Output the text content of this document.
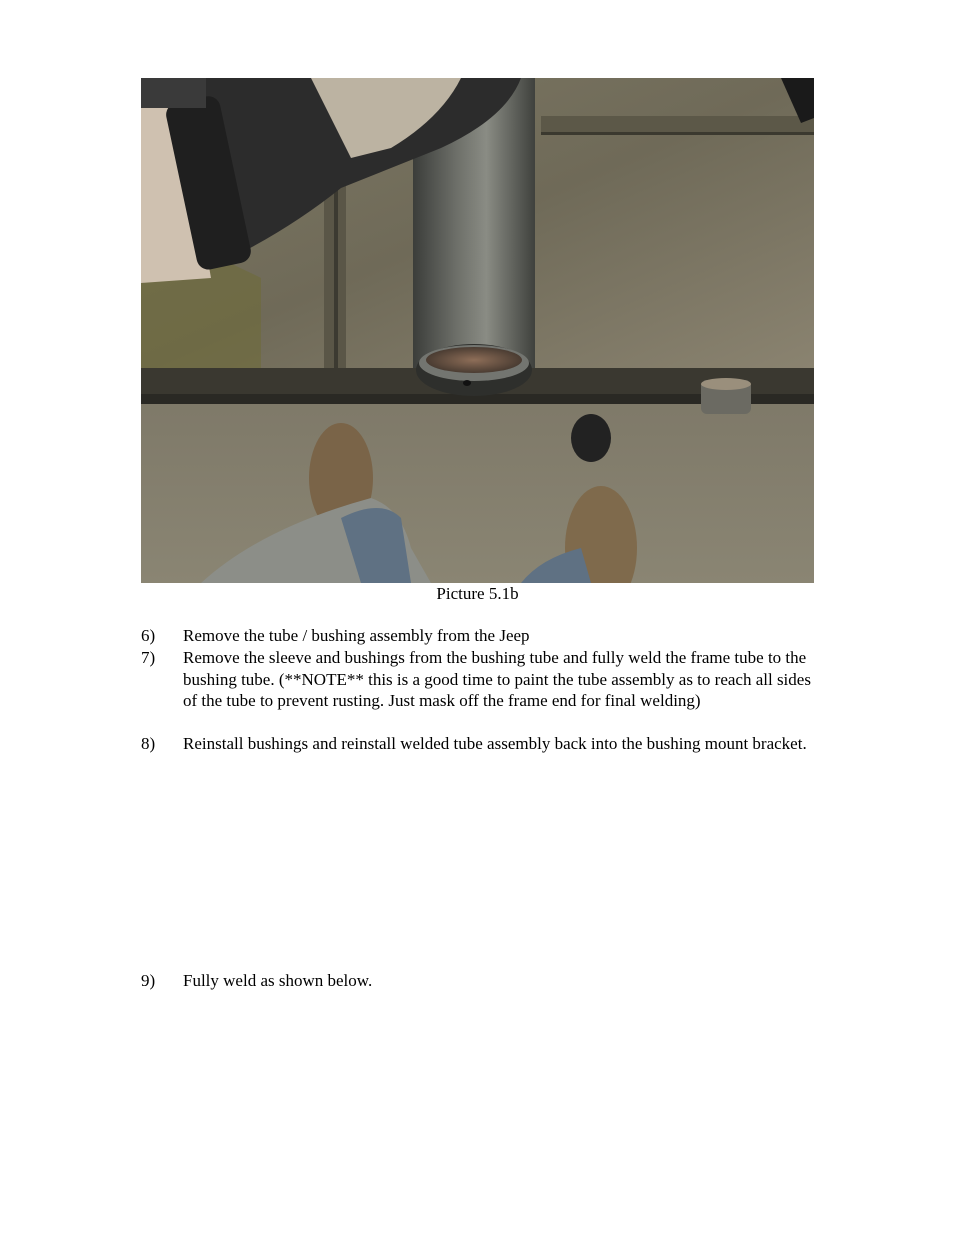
Picture 5.1b
6) Remove the tube / bushing assembly from the Jeep
7) Remove the sleeve and bushings from the bushing tube and fully weld the frame tube to the bushing tube. (**NOTE** this is a good time to paint the tube assembly as to reach all sides of the tube to prevent rusting. Just mask off the frame end for final welding)
8) Reinstall bushings and reinstall welded tube assembly back into the bushing mount bracket.
9) Fully weld as shown below.
